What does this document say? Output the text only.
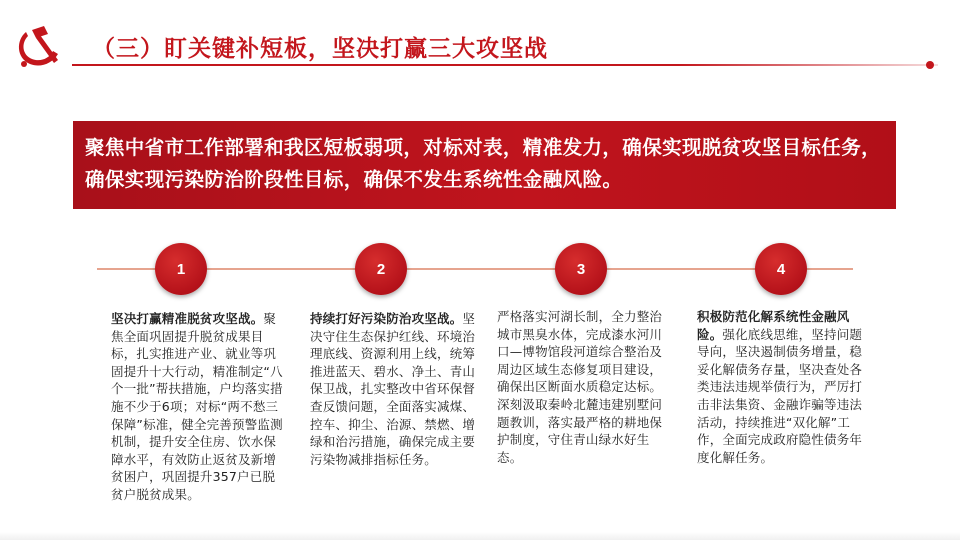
（三）盯关键补短板，坚决打赢三大攻坚战
聚焦中省市工作部署和我区短板弱项，对标对表，精准发力，确保实现脱贫攻坚目标任务，确保实现污染防治阶段性目标，确保不发生系统性金融风险。
1	2	3	4
坚决打赢精准脱贫攻坚战。聚焦全面巩固提升脱贫成果目标，扎实推进产业、就业等巩固提升十大行动，精准制定“八个一批”帮扶措施，户均落实措施不少于6项；对标“两不愁三保障”标准，健全完善预警监测机制，提升安全住房、饮水保障水平，有效防止返贫及新增贫困户，巩固提升357户已脱贫户脱贫成果。
持续打好污染防治攻坚战。坚决守住生态保护红线、环境治理底线、资源利用上线，统筹推进蓝天、碧水、净土、青山保卫战，扎实整改中省环保督查反馈问题，全面落实减煤、控车、抑尘、治源、禁燃、增绿和治污措施，确保完成主要污染物减排指标任务。
严格落实河湖长制，全力整治城市黑臭水体，完成漆水河川口—博物馆段河道综合整治及周边区域生态修复项目建设，确保出区断面水质稳定达标。深刻汲取秦岭北麓违建别墅问题教训，落实最严格的耕地保护制度，守住青山绿水好生态。
积极防范化解系统性金融风险。强化底线思维，坚持问题导向，坚决遏制债务增量，稳妥化解债务存量，坚决查处各类违法违规举债行为，严厉打击非法集资、金融诈骗等违法活动，持续推进“双化解”工作，全面完成政府隐性债务年度化解任务。
